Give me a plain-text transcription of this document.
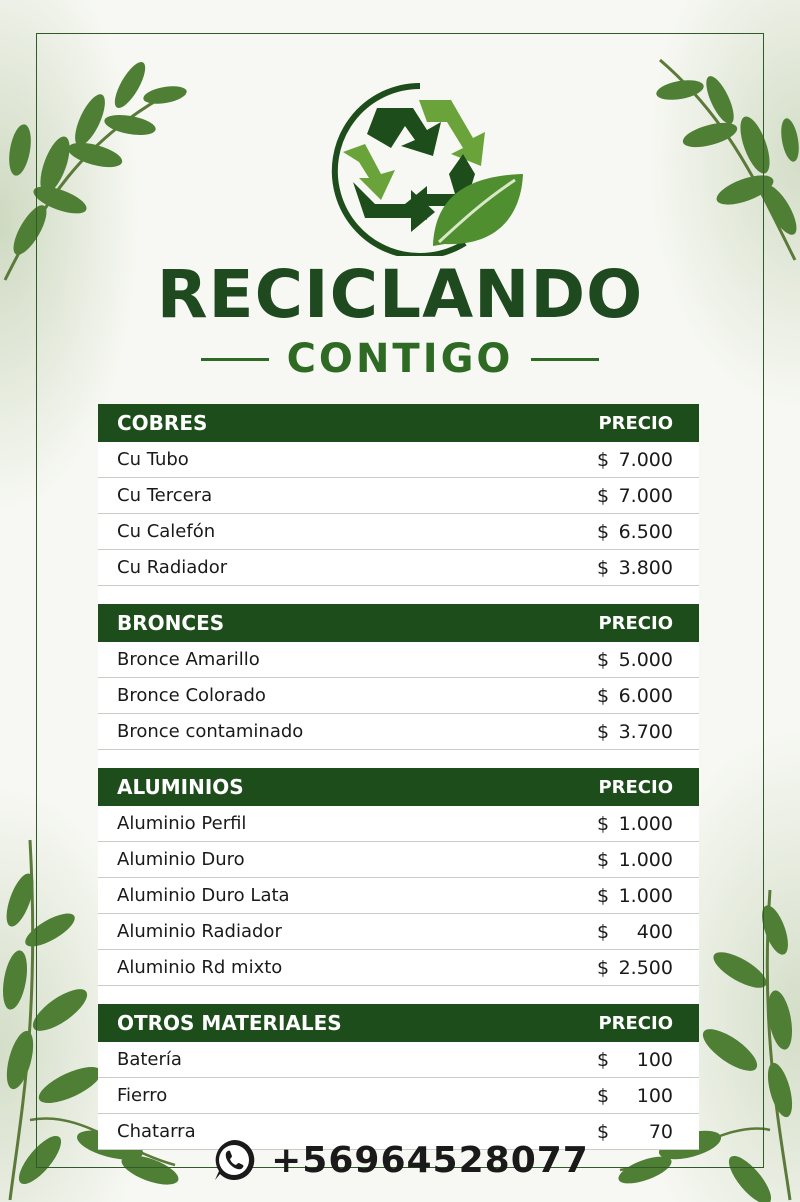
RECICLANDO
CONTIGO
COBRES	PRECIO
Cu Tubo	$ 7.000
Cu Tercera	$ 7.000
Cu Calefón	$ 6.500
Cu Radiador	$ 3.800
BRONCES	PRECIO
Bronce Amarillo	$ 5.000
Bronce Colorado	$ 6.000
Bronce contaminado	$ 3.700
ALUMINIOS	PRECIO
Aluminio Perfil	$ 1.000
Aluminio Duro	$ 1.000
Aluminio Duro Lata	$ 1.000
Aluminio Radiador	$ 400
Aluminio Rd mixto	$ 2.500
OTROS MATERIALES	PRECIO
Batería	$ 100
Fierro	$ 100
Chatarra	$ 70
+56964528077
